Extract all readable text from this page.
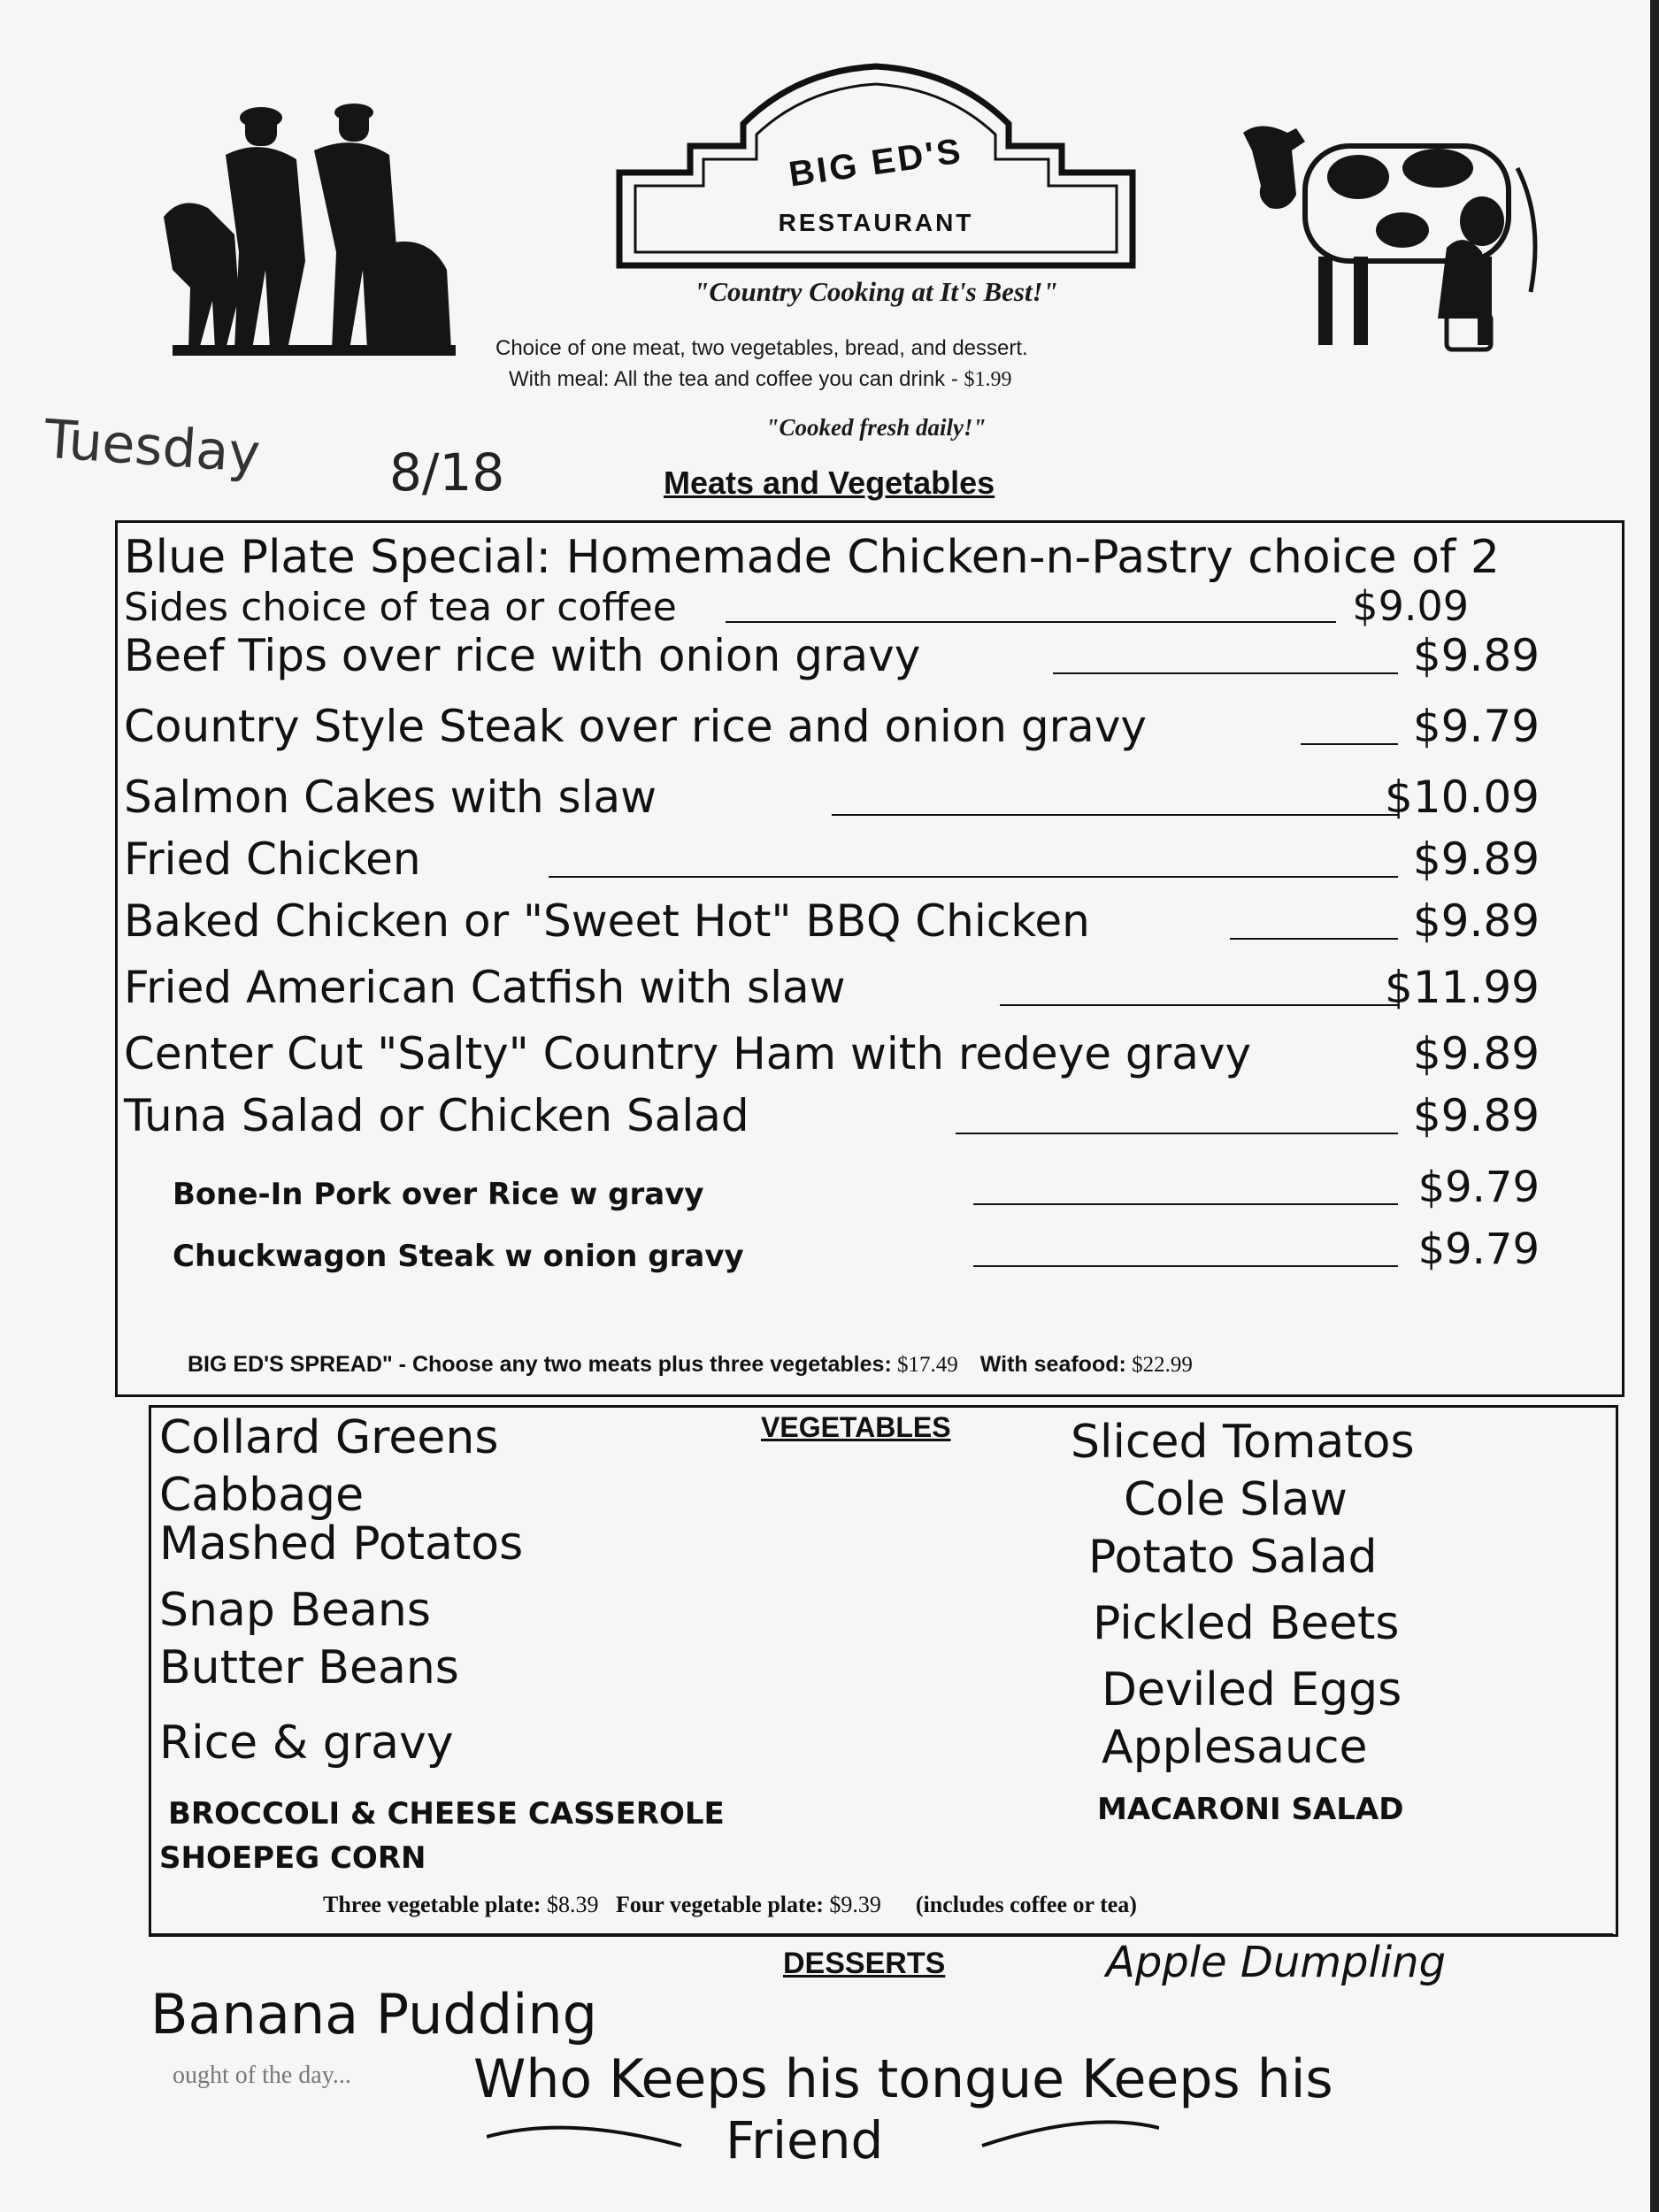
BIG ED'S
RESTAURANT
"Country Cooking at It's Best!"
Choice of one meat, two vegetables, bread, and dessert.
With meal: All the tea and coffee you can drink - $1.99
"Cooked fresh daily!"
Tuesday 8/18	Meats and Vegetables
Blue Plate Special: Homemade Chicken-n-Pastry choice of 2
Sides choice of tea or coffee	$9.09
Beef Tips over rice with onion gravy	$9.89
Country Style Steak over rice and onion gravy	$9.79
Salmon Cakes with slaw	$10.09
Fried Chicken	$9.89
Baked Chicken or "Sweet Hot" BBQ Chicken	$9.89
Fried American Catfish with slaw	$11.99
Center Cut "Salty" Country Ham with redeye gravy	$9.89
Tuna Salad or Chicken Salad	$9.89
Bone-In Pork over Rice w gravy	$9.79
Chuckwagon Steak w onion gravy	$9.79
BIG ED'S SPREAD" - Choose any two meats plus three vegetables: $17.49 With seafood: $22.99
VEGETABLES
Collard Greens
Cabbage
Mashed Potatos
Snap Beans
Butter Beans
Rice & gravy
BROCCOLI & CHEESE CASSEROLE
SHOEPEG CORN
Sliced Tomatos
Cole Slaw
Potato Salad
Pickled Beets
Deviled Eggs
Applesauce
MACARONI SALAD
Three vegetable plate: $8.39 Four vegetable plate: $9.39 (includes coffee or tea)
DESSERTS
Banana Pudding
Apple Dumpling
ought of the day... Who Keeps his tongue Keeps his
Friend
